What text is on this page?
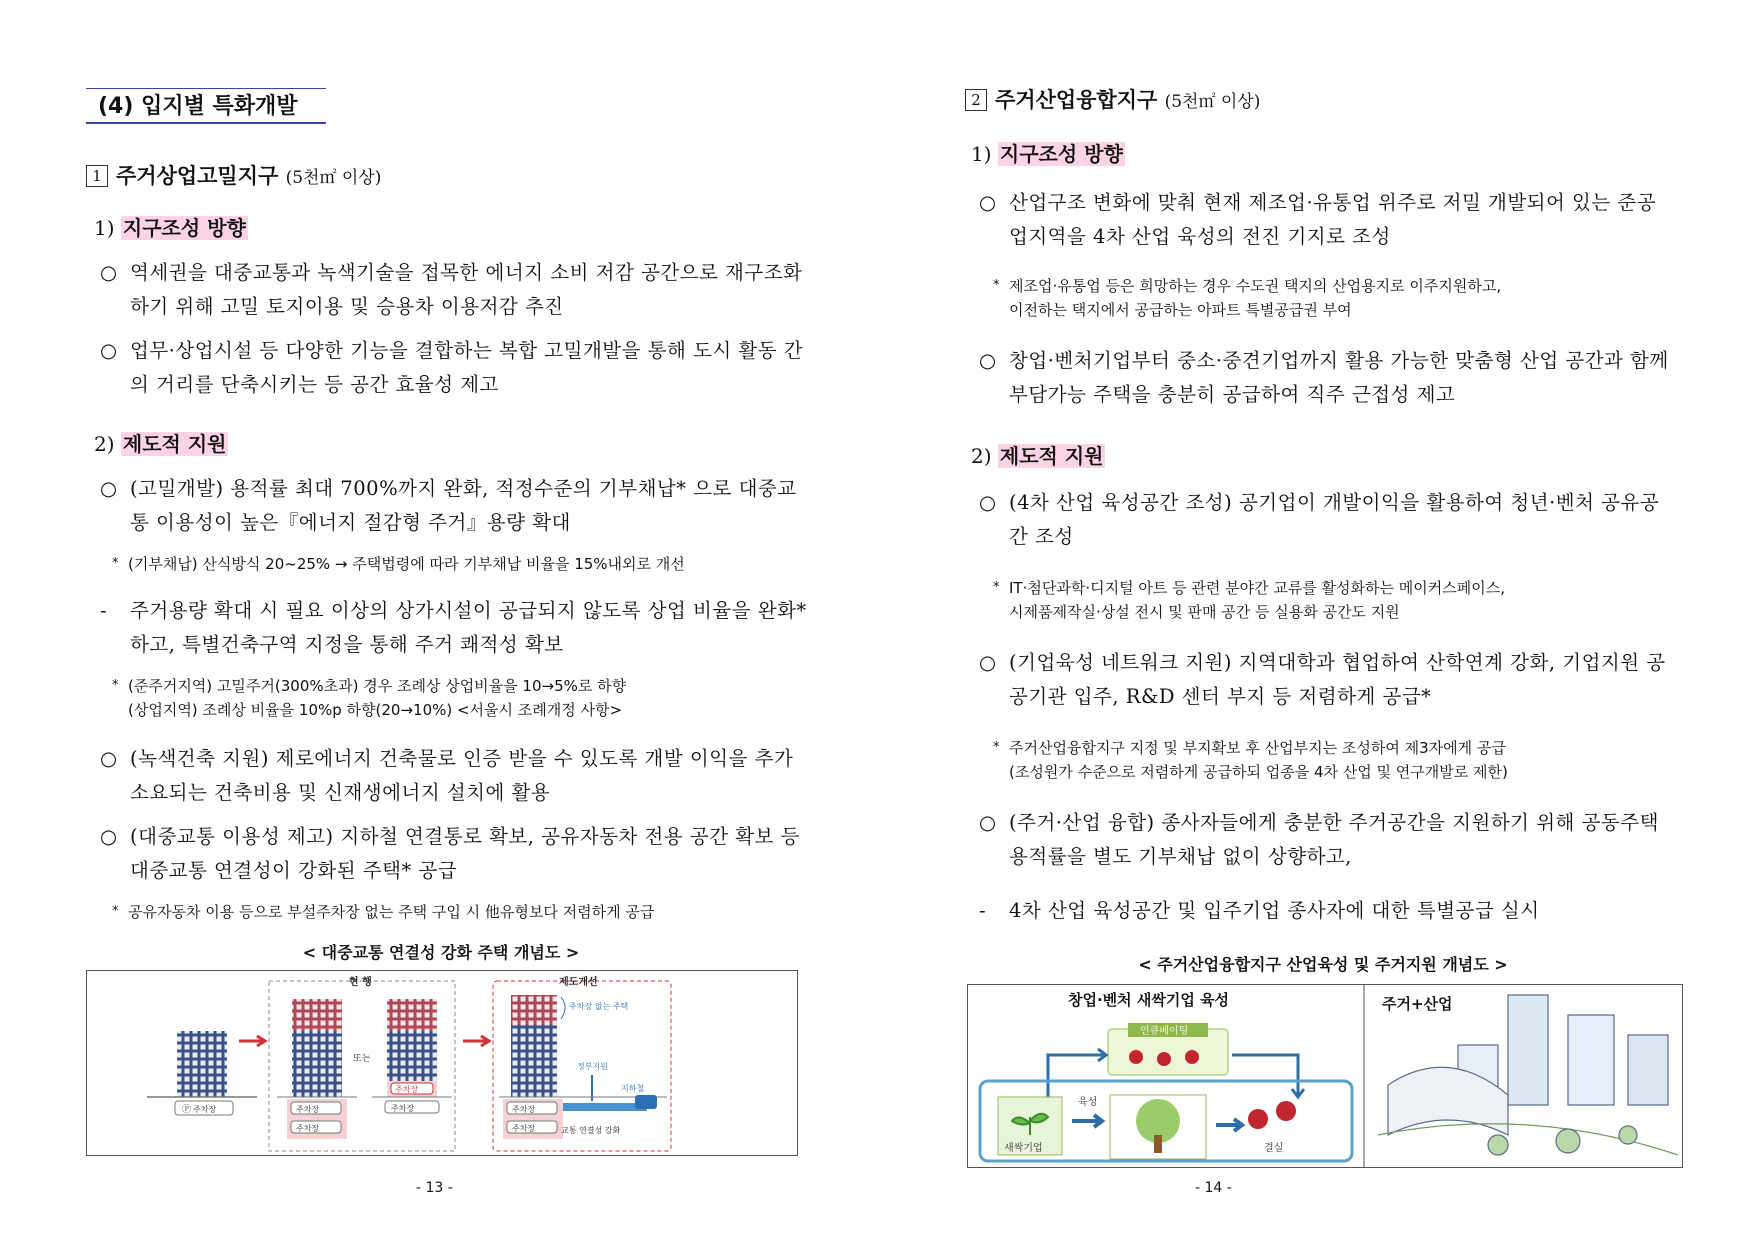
(4) 입지별 특화개발
1 주거상업고밀지구 (5천㎡ 이상)
1) 지구조성 방향
○ 역세권을 대중교통과 녹색기술을 접목한 에너지 소비 저감 공간으로 재구조화하기 위해 고밀 토지이용 및 승용차 이용저감 추진
○ 업무·상업시설 등 다양한 기능을 결합하는 복합 고밀개발을 통해 도시 활동 간의 거리를 단축시키는 등 공간 효율성 제고
2) 제도적 지원
○ (고밀개발) 용적률 최대 700%까지 완화, 적정수준의 기부채납* 으로 대중교통 이용성이 높은『에너지 절감형 주거』용량 확대
* (기부채납) 산식방식 20~25% → 주택법령에 따라 기부채납 비율을 15%내외로 개선
- 주거용량 확대 시 필요 이상의 상가시설이 공급되지 않도록 상업 비율을 완화*하고, 특별건축구역 지정을 통해 주거 쾌적성 확보
* (준주거지역) 고밀주거(300%초과) 경우 조례상 상업비율을 10→5%로 하향
(상업지역) 조례상 비율을 10%p 하향(20→10%) <서울시 조례개정 사항>
○ (녹색건축 지원) 제로에너지 건축물로 인증 받을 수 있도록 개발 이익을 추가 소요되는 건축비용 및 신재생에너지 설치에 활용
○ (대중교통 이용성 제고) 지하철 연결통로 확보, 공유자동차 전용 공간 확보 등 대중교통 연결성이 강화된 주택* 공급
* 공유자동차 이용 등으로 부설주차장 없는 주택 구입 시 他유형보다 저렴하게 공급
< 대중교통 연결성 강화 주택 개념도 >
Ⓟ 주차장
현 행
주차장
주차장
또는
주차장
주차장
제도개선
주차장 없는 주택
정부지원
주차장
주차장
지하철
교통 연결성 강화
- 13 -
2 주거산업융합지구 (5천㎡ 이상)
1) 지구조성 방향
○ 산업구조 변화에 맞춰 현재 제조업·유통업 위주로 저밀 개발되어 있는 준공업지역을 4차 산업 육성의 전진 기지로 조성
* 제조업·유통업 등은 희망하는 경우 수도권 택지의 산업용지로 이주지원하고,
이전하는 택지에서 공급하는 아파트 특별공급권 부여
○ 창업·벤처기업부터 중소·중견기업까지 활용 가능한 맞춤형 산업 공간과 함께 부담가능 주택을 충분히 공급하여 직주 근접성 제고
2) 제도적 지원
○ (4차 산업 육성공간 조성) 공기업이 개발이익을 활용하여 청년·벤처 공유공간 조성
* IT·첨단과학·디지털 아트 등 관련 분야간 교류를 활성화하는 메이커스페이스,
시제품제작실·상설 전시 및 판매 공간 등 실용화 공간도 지원
○ (기업육성 네트워크 지원) 지역대학과 협업하여 산학연계 강화, 기업지원 공공기관 입주, R&D 센터 부지 등 저렴하게 공급*
* 주거산업융합지구 지정 및 부지확보 후 산업부지는 조성하여 제3자에게 공급
(조성원가 수준으로 저렴하게 공급하되 업종을 4차 산업 및 연구개발로 제한)
○ (주거·산업 융합) 종사자들에게 충분한 주거공간을 지원하기 위해 공동주택 용적률을 별도 기부채납 없이 상향하고,
- 4차 산업 육성공간 및 입주기업 종사자에 대한 특별공급 실시
< 주거산업융합지구 산업육성 및 주거지원 개념도 >
창업·벤처 새싹기업 육성
인큐베이팅
새싹기업
육성
결실
주거+산업
- 14 -
